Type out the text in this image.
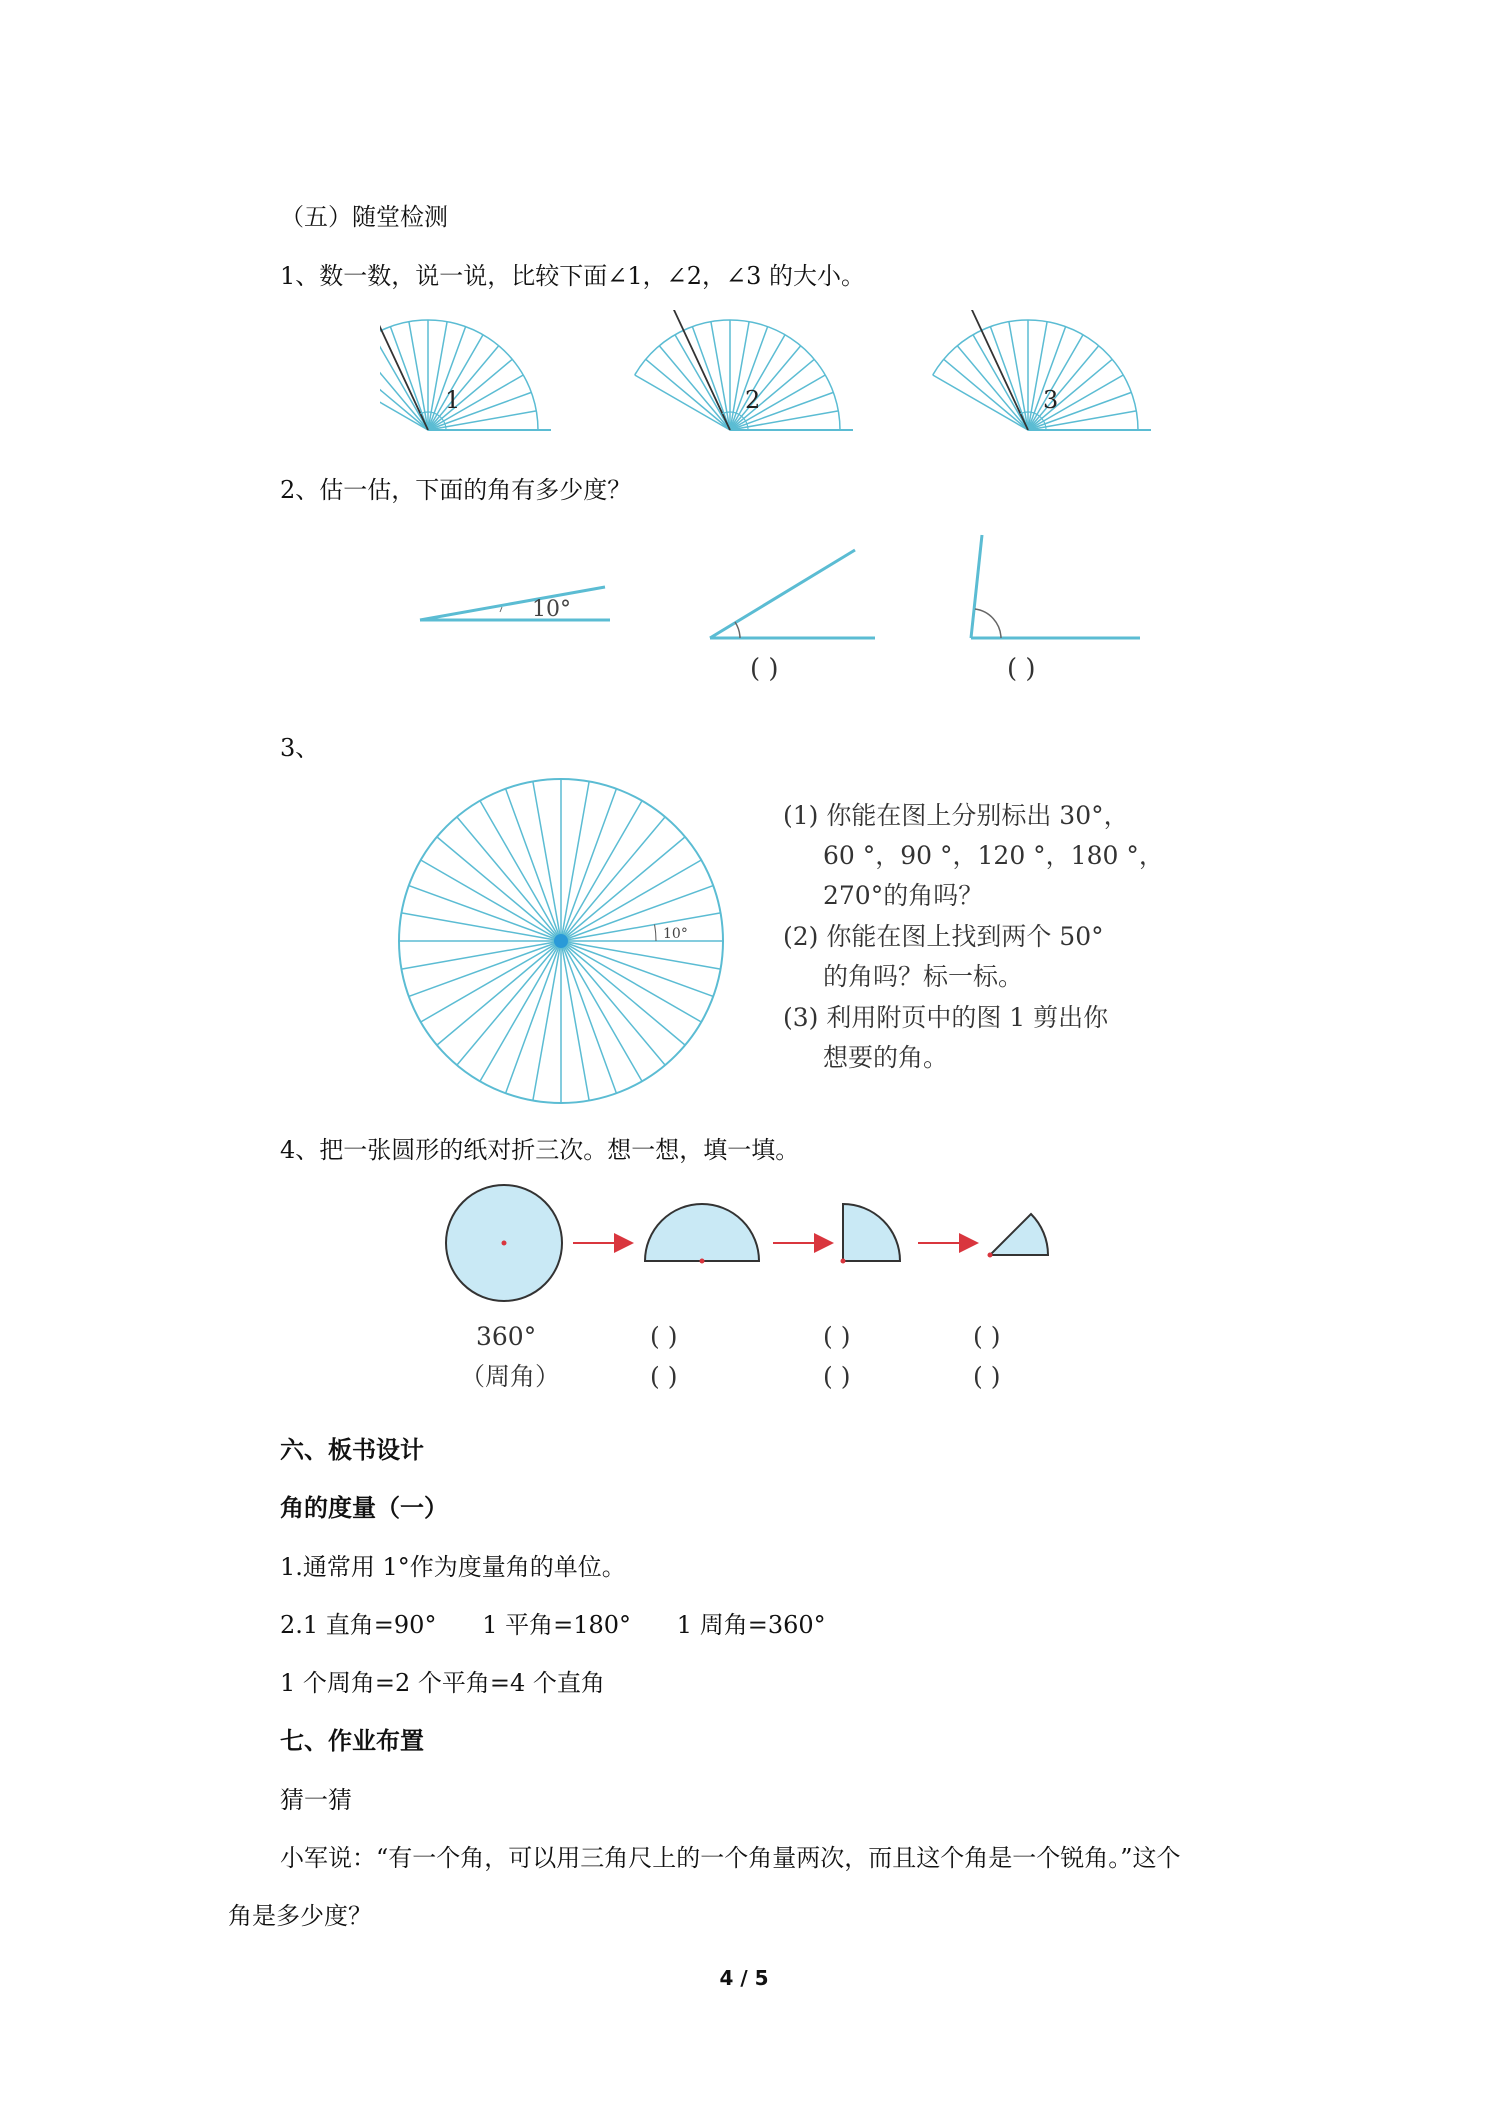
（五）随堂检测
1、数一数，说一说，比较下面∠1，∠2，∠3 的大小。
1	2	3
2、估一估，下面的角有多少度？
10°
( )	( )
3、
10°
(1) 你能在图上分别标出 30°，
60 °，90 °，120 °，180 °，
270°的角吗？
(2) 你能在图上找到两个 50°
的角吗？标一标。
(3) 利用附页中的图 1 剪出你
想要的角。
4、把一张圆形的纸对折三次。想一想，填一填。
360°
（周角）
( )
( )
( )
( )
( )
( )
六、板书设计
角的度量（一）
1.通常用 1°作为度量角的单位。
2.1 直角=90°      1 平角=180°      1 周角=360°
1 个周角=2 个平角=4 个直角
七、作业布置
猜一猜
小军说：“有一个角，可以用三角尺上的一个角量两次，而且这个角是一个锐角。”这个
角是多少度？
4 / 5
